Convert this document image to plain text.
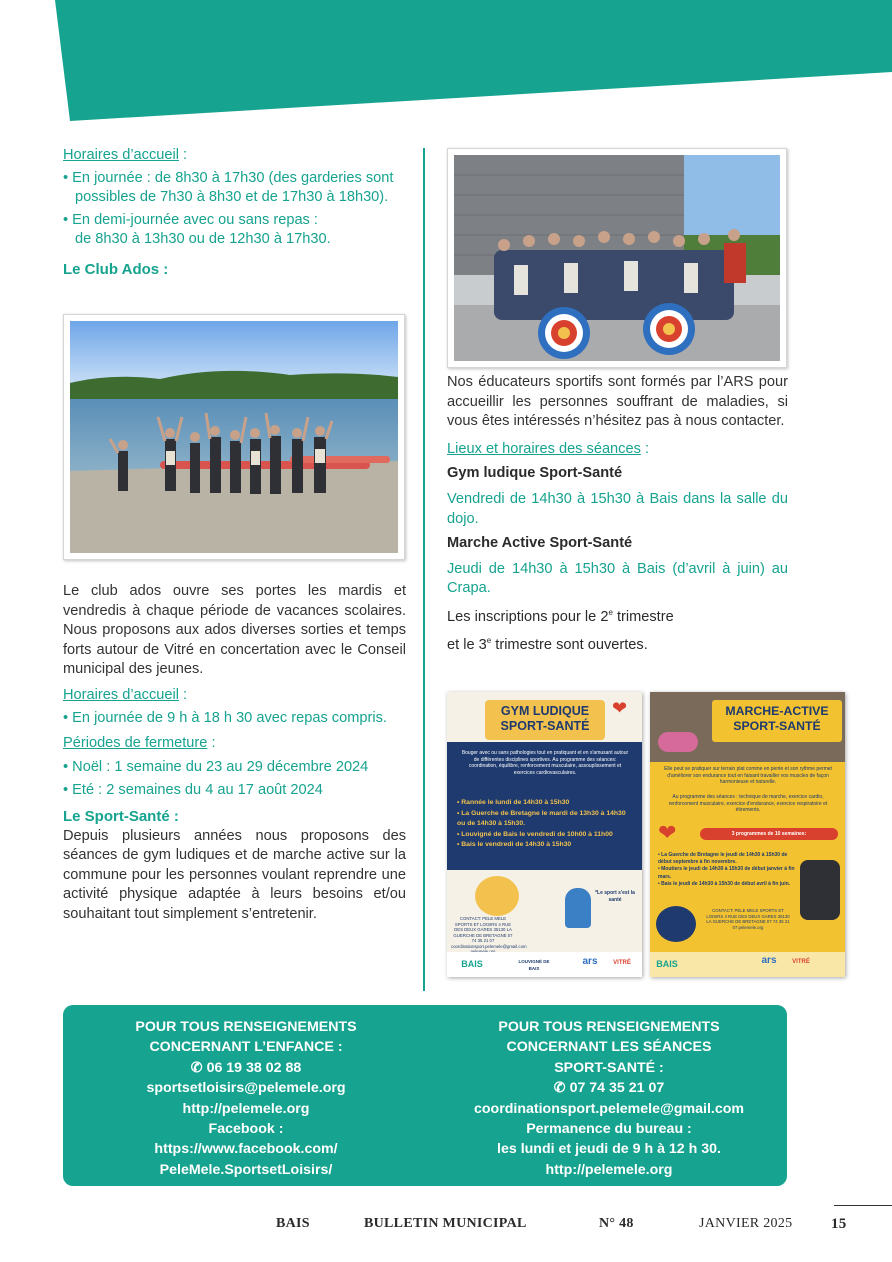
Horaires d’accueil :
• En journée : de 8h30 à 17h30 (des garderies sont possibles de 7h30 à 8h30 et de 17h30 à 18h30).
• En demi-journée avec ou sans repas :
de 8h30 à 13h30 ou de 12h30 à 17h30.
Le Club Ados :
Le club ados ouvre ses portes les mardis et vendredis à chaque période de vacances scolaires. Nous proposons aux ados diverses sorties et temps forts autour de Vitré en concertation avec le Conseil municipal des jeunes.
Horaires d’accueil :
• En journée de 9 h à 18 h 30 avec repas compris.
Périodes de fermeture :
• Noël : 1 semaine du 23 au 29 décembre 2024
• Eté : 2 semaines du 4 au 17 août 2024
Le Sport-Santé :
Depuis plusieurs années nous proposons des séances de gym ludiques et de marche active sur la commune pour les personnes voulant reprendre une activité physique adaptée à leurs besoins et/ou souhaitant tout simplement s’entretenir.
Nos éducateurs sportifs sont formés par l’ARS pour accueillir les personnes souffrant de maladies, si vous êtes intéressés n’hésitez pas à nous contacter.
Lieux et horaires des séances :
Gym ludique Sport-Santé
Vendredi de 14h30 à 15h30 à Bais dans la salle du dojo.
Marche Active Sport-Santé
Jeudi de 14h30 à 15h30 à Bais (d’avril à juin) au Crapa.
Les inscriptions pour le 2e trimestre
et le 3e trimestre sont ouvertes.
GYM LUDIQUE
SPORT-SANTÉ
❤
Bouger avec ou sans pathologies tout en pratiquant et en s'amusant autour de différentes disciplines sportives. Au programme des séances: coordination, équilibre, renforcement musculaire, assouplissement et exercices cardiovasculaires.
• Rannée le lundi de 14h30 à 15h30
• La Guerche de Bretagne le mardi de 13h30 à 14h30 ou de 14h30 à 15h30.
• Louvigné de Bais le vendredi de 10h00 à 11h00
• Bais le vendredi de 14h30 à 15h30
*Le sport s'est la santé
CONTACT: PELE MELE SPORTS ET LOISIRS 4 RUE DES DEUX GARES 35130 LA GUERCHE DE BRETAGNE 07 74 35 21 07 coordinationsport.pelemele@gmail.com
BAIS	LOUVIGNÉ DE BAIS
ars	VITRÉ
MARCHE-ACTIVE
SPORT-SANTÉ
Elle peut se pratiquer sur terrain plat comme en pente et son rythme permet d'améliorer son endurance tout en faisant travailler vos muscles de façon harmonieuse et naturelle.
Au programme des séances : technique de marche, exercice cardio, renforcement musculaire, exercice d'endurance, exercice respiratoire et étirements.
❤	3 programmes de 10 semaines:
• La Guerche de Bretagne le jeudi de 14h30 à 15h30 de début septembre à fin novembre.
• Moutiers le jeudi de 14h30 à 15h30 de début janvier à fin mars.
• Bais le jeudi de 14h30 à 15h30 de début avril à fin juin.
CONTACT: PELE MELE SPORTS ET LOISIRS 4 RUE DES DEUX GARES 35130 LA GUERCHE DE BRETAGNE 07 74 35 21 07 pelemele.org
BAIS	ars	VITRÉ
POUR TOUS RENSEIGNEMENTS
CONCERNANT L’ENFANCE :
✆ 06 19 38 02 88
sportsetloisirs@pelemele.org
http://pelemele.org
Facebook :
https://www.facebook.com/
PeleMele.SportsetLoisirs/
POUR TOUS RENSEIGNEMENTS
CONCERNANT LES SÉANCES
SPORT-SANTÉ :
✆ 07 74 35 21 07
coordinationsport.pelemele@gmail.com
Permanence du bureau :
les lundi et jeudi de 9 h à 12 h 30.
http://pelemele.org
BAIS	BULLETIN MUNICIPAL	N° 48	JANVIER 2025	15
